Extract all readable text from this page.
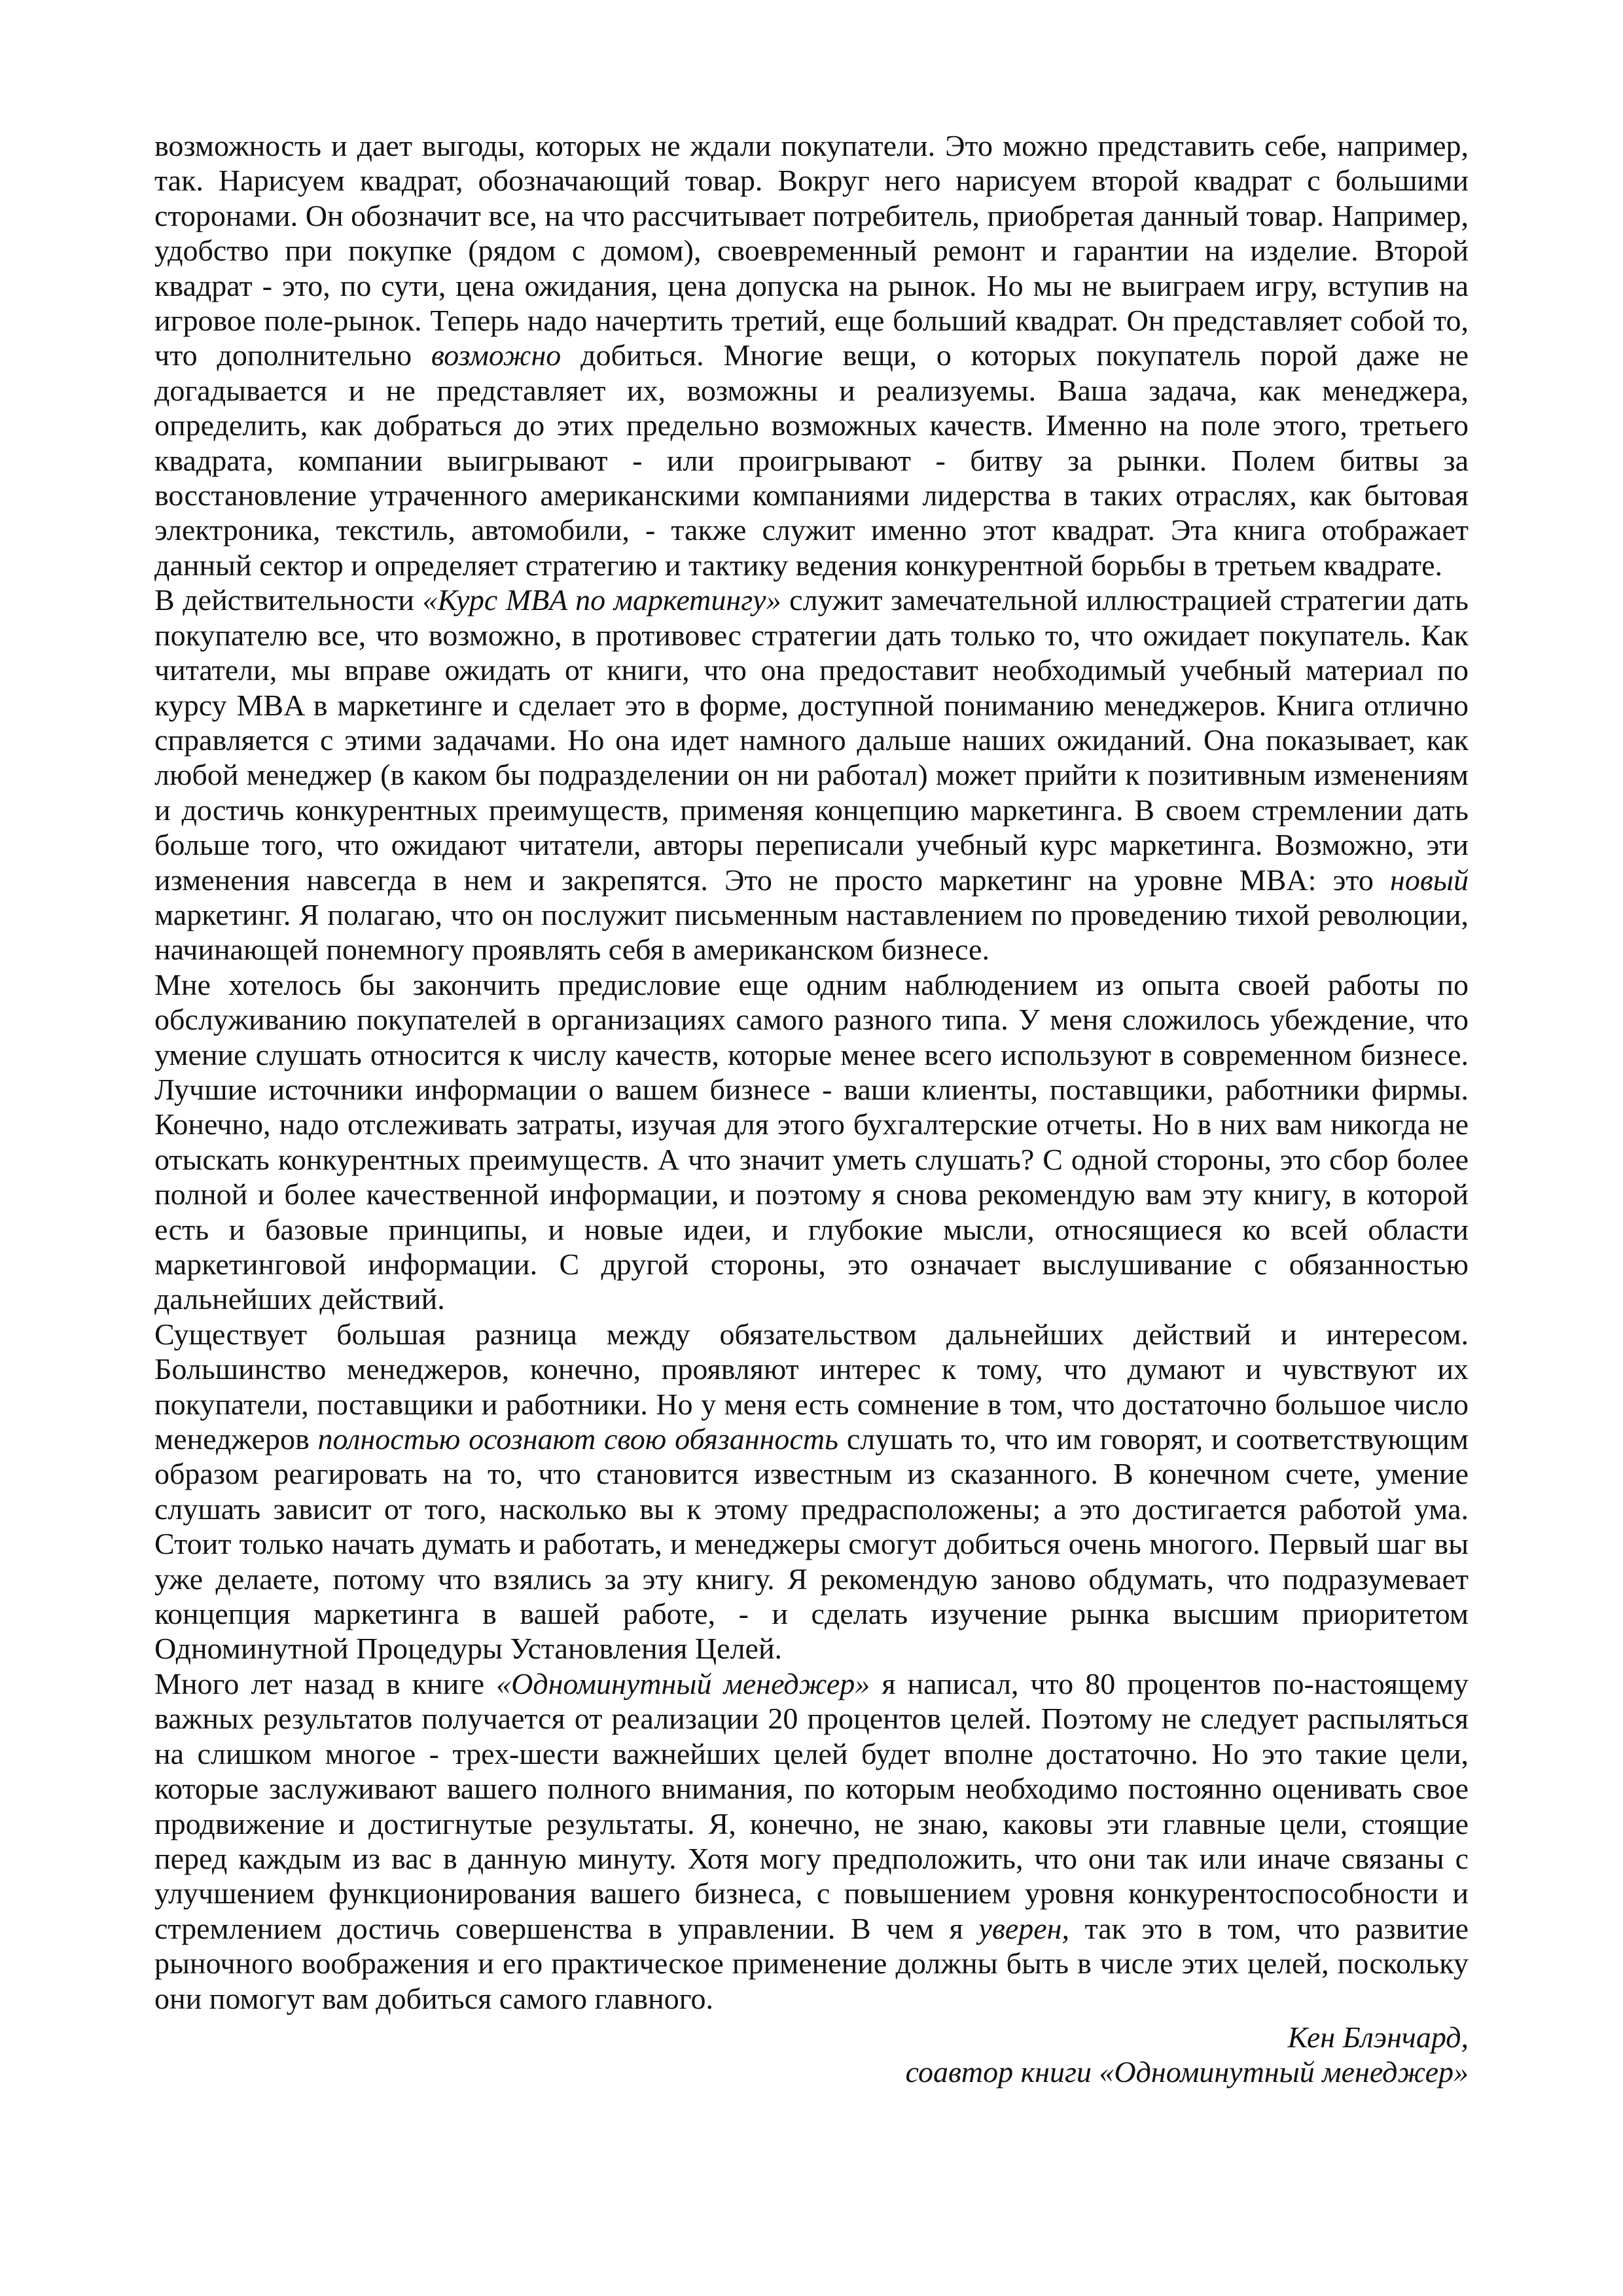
возможность и дает выгоды, которых не ждали покупатели. Это можно представить себе, например, так. Нарисуем квадрат, обозначающий товар. Вокруг него нарисуем второй квадрат с большими сторонами. Он обозначит все, на что рассчитывает потребитель, приобретая данный товар. Например, удобство при покупке (рядом с домом), своевременный ремонт и гарантии на изделие. Второй квадрат - это, по сути, цена ожидания, цена допуска на рынок. Но мы не выиграем игру, вступив на игровое поле-рынок. Теперь надо начертить третий, еще больший квадрат. Он представляет собой то, что дополнительно возможно добиться. Многие вещи, о которых покупатель порой даже не догадывается и не представляет их, возможны и реализуемы. Ваша задача, как менеджера, определить, как добраться до этих предельно возможных качеств. Именно на поле этого, третьего квадрата, компании выигрывают - или проигрывают - битву за рынки. Полем битвы за восстановление утраченного американскими компаниями лидерства в таких отраслях, как бытовая электроника, текстиль, автомобили, - также служит именно этот квадрат. Эта книга отображает данный сектор и определяет стратегию и тактику ведения конкурентной борьбы в третьем квадрате.

В действительности «Курс MBA по маркетингу» служит замечательной иллюстрацией стратегии дать покупателю все, что возможно, в противовес стратегии дать только то, что ожидает покупатель. Как читатели, мы вправе ожидать от книги, что она предоставит необходимый учебный материал по курсу MBA в маркетинге и сделает это в форме, доступной пониманию менеджеров. Книга отлично справляется с этими задачами. Но она идет намного дальше наших ожиданий. Она показывает, как любой менеджер (в каком бы подразделении он ни работал) может прийти к позитивным изменениям и достичь конкурентных преимуществ, применяя концепцию маркетинга. В своем стремлении дать больше того, что ожидают читатели, авторы переписали учебный курс маркетинга. Возможно, эти изменения навсегда в нем и закрепятся. Это не просто маркетинг на уровне MBA: это новый маркетинг. Я полагаю, что он послужит письменным наставлением по проведению тихой революции, начинающей понемногу проявлять себя в американском бизнесе.

Мне хотелось бы закончить предисловие еще одним наблюдением из опыта своей работы по обслуживанию покупателей в организациях самого разного типа. У меня сложилось убеждение, что умение слушать относится к числу качеств, которые менее всего используют в современном бизнесе. Лучшие источники информации о вашем бизнесе - ваши клиенты, поставщики, работники фирмы. Конечно, надо отслеживать затраты, изучая для этого бухгалтерские отчеты. Но в них вам никогда не отыскать конкурентных преимуществ. А что значит уметь слушать? С одной стороны, это сбор более полной и более качественной информации, и поэтому я снова рекомендую вам эту книгу, в которой есть и базовые принципы, и новые идеи, и глубокие мысли, относящиеся ко всей области маркетинговой информации. С другой стороны, это означает выслушивание с обязанностью дальнейших действий.

Существует большая разница между обязательством дальнейших действий и интересом. Большинство менеджеров, конечно, проявляют интерес к тому, что думают и чувствуют их покупатели, поставщики и работники. Но у меня есть сомнение в том, что достаточно большое число менеджеров полностью осознают свою обязанность слушать то, что им говорят, и соответствующим образом реагировать на то, что становится известным из сказанного. В конечном счете, умение слушать зависит от того, насколько вы к этому предрасположены; а это достигается работой ума. Стоит только начать думать и работать, и менеджеры смогут добиться очень многого. Первый шаг вы уже делаете, потому что взялись за эту книгу. Я рекомендую заново обдумать, что подразумевает концепция маркетинга в вашей работе, - и сделать изучение рынка высшим приоритетом Одноминутной Процедуры Установления Целей.

Много лет назад в книге «Одноминутный менеджер» я написал, что 80 процентов по-настоящему важных результатов получается от реализации 20 процентов целей. Поэтому не следует распыляться на слишком многое - трех-шести важнейших целей будет вполне достаточно. Но это такие цели, которые заслуживают вашего полного внимания, по которым необходимо постоянно оценивать свое продвижение и достигнутые результаты. Я, конечно, не знаю, каковы эти главные цели, стоящие перед каждым из вас в данную минуту. Хотя могу предположить, что они так или иначе связаны с улучшением функционирования вашего бизнеса, с повышением уровня конкурентоспособности и стремлением достичь совершенства в управлении. В чем я уверен, так это в том, что развитие рыночного воображения и его практическое применение должны быть в числе этих целей, поскольку они помогут вам добиться самого главного.

Кен Блэнчард,
соавтор книги «Одноминутный менеджер»
